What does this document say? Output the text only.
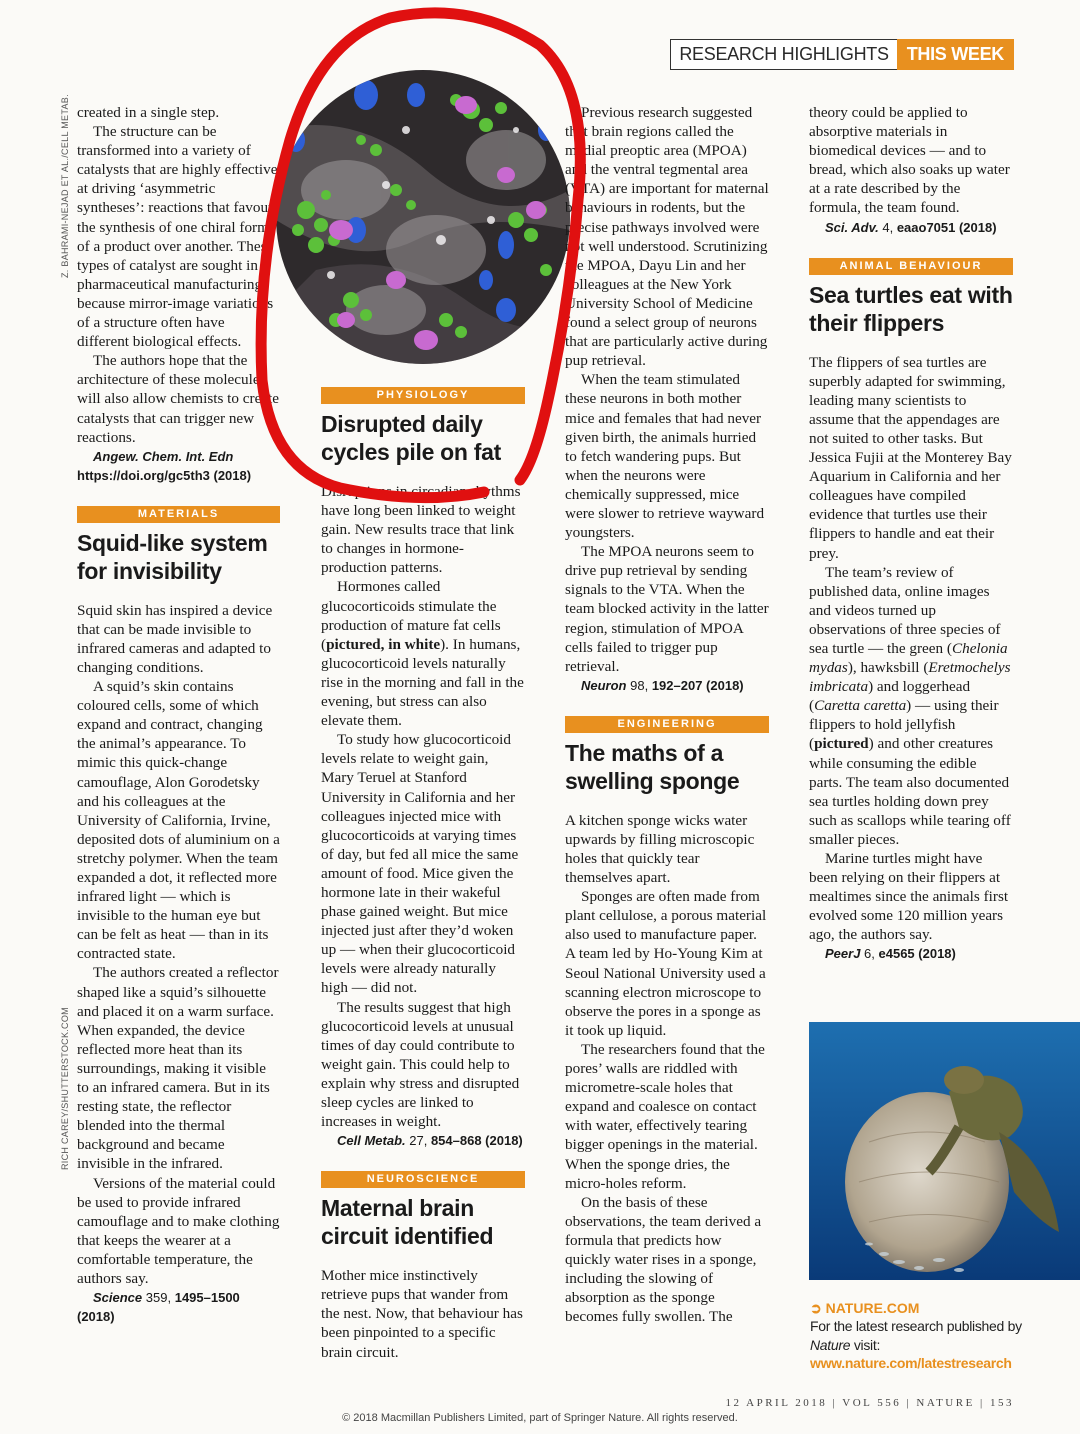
RESEARCH HIGHLIGHTS	THIS WEEK
Z. BAHRAMI-NEJAD ET AL./CELL METAB.
RICH CAREY/SHUTTERSTOCK.COM

created in a single step.

The structure can be transformed into a variety of catalysts that are highly effective at driving ‘asymmetric syntheses’: reactions that favour the synthesis of one chiral form of a product over another. These types of catalyst are sought in pharmaceutical manufacturing, because mirror-image variations of a structure often have different biological effects.

The authors hope that the architecture of these molecules will also allow chemists to create catalysts that can trigger new reactions.

Angew. Chem. Int. Edn https://doi.org/gc5th3 (2018)

MATERIALS
Squid-like system for invisibility

Squid skin has inspired a device that can be made invisible to infrared cameras and adapted to changing conditions.

A squid’s skin contains coloured cells, some of which expand and contract, changing the animal’s appearance. To mimic this quick-change camouflage, Alon Gorodetsky and his colleagues at the University of California, Irvine, deposited dots of aluminium on a stretchy polymer. When the team expanded a dot, it reflected more infrared light — which is invisible to the human eye but can be felt as heat — than in its contracted state.

The authors created a reflector shaped like a squid’s silhouette and placed it on a warm surface. When expanded, the device reflected more heat than its surroundings, making it visible to an infrared camera. But in its resting state, the reflector blended into the thermal background and became invisible in the infrared.

Versions of the material could be used to provide infrared camouflage and to make clothing that keeps the wearer at a comfortable temperature, the authors say.

Science 359, 1495–1500 (2018)

PHYSIOLOGY
Disrupted daily cycles pile on fat

Disruptions in circadian rhythms have long been linked to weight gain. New results trace that link to changes in hormone-production patterns.

Hormones called glucocorticoids stimulate the production of mature fat cells (pictured, in white). In humans, glucocorticoid levels naturally rise in the morning and fall in the evening, but stress can also elevate them.

To study how glucocorticoid levels relate to weight gain, Mary Teruel at Stanford University in California and her colleagues injected mice with glucocorticoids at varying times of day, but fed all mice the same amount of food. Mice given the hormone late in their wakeful phase gained weight. But mice injected just after they’d woken up — when their glucocorticoid levels were already naturally high — did not.

The results suggest that high glucocorticoid levels at unusual times of day could contribute to weight gain. This could help to explain why stress and disrupted sleep cycles are linked to increases in weight.

Cell Metab. 27, 854–868 (2018)

NEUROSCIENCE
Maternal brain circuit identified

Mother mice instinctively retrieve pups that wander from the nest. Now, that behaviour has been pinpointed to a specific brain circuit.

Previous research suggested that brain regions called the medial preoptic area (MPOA) and the ventral tegmental area (VTA) are important for maternal behaviours in rodents, but the precise pathways involved were not well understood. Scrutinizing the MPOA, Dayu Lin and her colleagues at the New York University School of Medicine found a select group of neurons that are particularly active during pup retrieval.

When the team stimulated these neurons in both mother mice and females that had never given birth, the animals hurried to fetch wandering pups. But when the neurons were chemically suppressed, mice were slower to retrieve wayward youngsters.

The MPOA neurons seem to drive pup retrieval by sending signals to the VTA. When the team blocked activity in the latter region, stimulation of MPOA cells failed to trigger pup retrieval.

Neuron 98, 192–207 (2018)

ENGINEERING
The maths of a swelling sponge

A kitchen sponge wicks water upwards by filling microscopic holes that quickly tear themselves apart.

Sponges are often made from plant cellulose, a porous material also used to manufacture paper. A team led by Ho-Young Kim at Seoul National University used a scanning electron microscope to observe the pores in a sponge as it took up liquid.

The researchers found that the pores’ walls are riddled with micrometre-scale holes that expand and coalesce on contact with water, effectively tearing bigger openings in the material. When the sponge dries, the micro-holes reform.

On the basis of these observations, the team derived a formula that predicts how quickly water rises in a sponge, including the slowing of absorption as the sponge becomes fully swollen. The

theory could be applied to absorptive materials in biomedical devices — and to bread, which also soaks up water at a rate described by the formula, the team found.

Sci. Adv. 4, eaao7051 (2018)

ANIMAL BEHAVIOUR
Sea turtles eat with their flippers

The flippers of sea turtles are superbly adapted for swimming, leading many scientists to assume that the appendages are not suited to other tasks. But Jessica Fujii at the Monterey Bay Aquarium in California and her colleagues have compiled evidence that turtles use their flippers to handle and eat their prey.

The team’s review of published data, online images and videos turned up observations of three species of sea turtle — the green (Chelonia mydas), hawksbill (Eretmochelys imbricata) and loggerhead (Caretta caretta) — using their flippers to hold jellyfish (pictured) and other creatures while consuming the edible parts. The team also documented sea turtles holding down prey such as scallops while tearing off smaller pieces.

Marine turtles might have been relying on their flippers at mealtimes since the animals first evolved some 120 million years ago, the authors say.

PeerJ 6, e4565 (2018)

➲ NATURE.COM
For the latest research published by
Nature visit:
www.nature.com/latestresearch
12 APRIL 2018 | VOL 556 | NATURE | 153
© 2018 Macmillan Publishers Limited, part of Springer Nature. All rights reserved.
